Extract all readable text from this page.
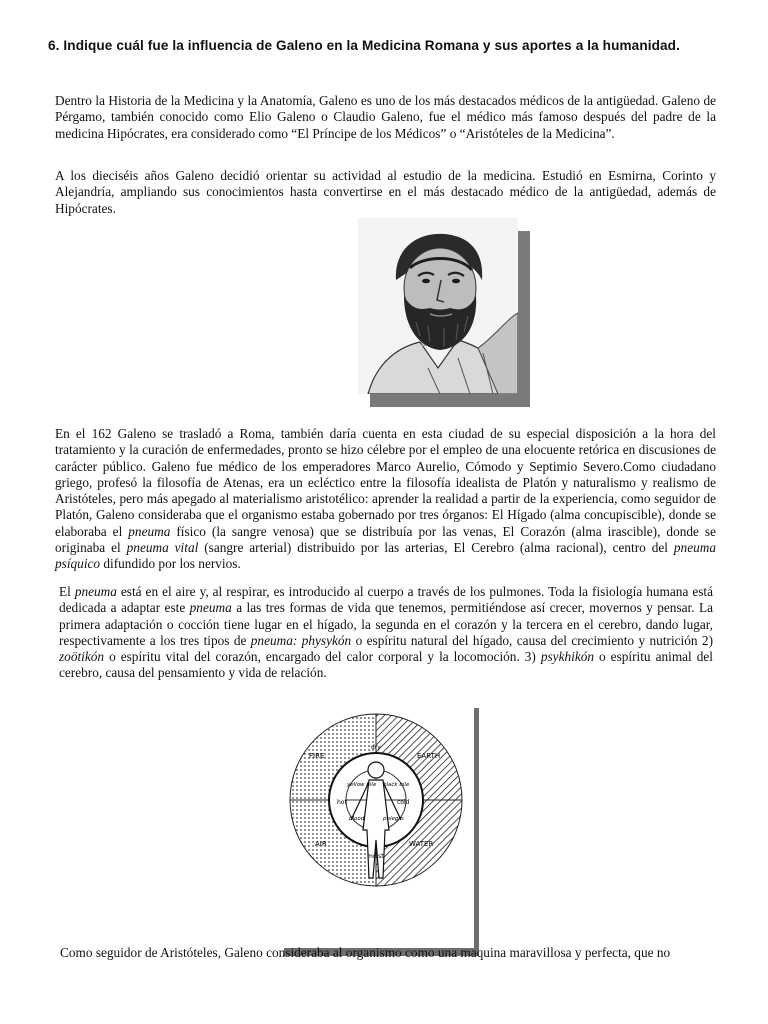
6. Indique cuál fue la influencia de Galeno en la Medicina Romana y sus aportes a la humanidad.

Dentro la Historia de la Medicina y la Anatomía, Galeno es uno de los más destacados médicos de la antigüedad. Galeno de Pérgamo, también conocido como Elio Galeno o Claudio Galeno, fue el médico más famoso después del padre de la medicina Hipócrates, era considerado como “El Príncipe de los Médicos” o “Aristóteles de la Medicina”.

A los dieciséis años Galeno decidió orientar su actividad al estudio de la medicina. Estudió en Esmirna, Corinto y Alejandría, ampliando sus conocimientos hasta convertirse en el más destacado médico de la antigüedad, además de Hipócrates.

En el 162 Galeno se trasladó a Roma, también daría cuenta en esta ciudad de su especial disposición a la hora del tratamiento y la curación de enfermedades, pronto se hizo célebre por el empleo de una elocuente retórica en discusiones de carácter público. Galeno fue médico de los emperadores Marco Aurelio, Cómodo y Septimio Severo.Como ciudadano griego, profesó la filosofía de Atenas, era un ecléctico entre la filosofía idealista de Platón y naturalismo y realismo de Aristóteles, pero más apegado al materialismo aristotélico: aprender la realidad a partir de la experiencia, como seguidor de Platón, Galeno consideraba que el organismo estaba gobernado por tres órganos: El Hígado (alma concupiscible), donde se elaboraba el pneuma físico (la sangre venosa) que se distribuía por las venas, El Corazón (alma irascible), donde se originaba el pneuma vital (sangre arterial) distribuido por las arterias, El Cerebro (alma racional), centro del pneuma psíquico difundido por los nervios.

El pneuma está en el aire y, al respirar, es introducido al cuerpo a través de los pulmones. Toda la fisiología humana está dedicada a adaptar este pneuma a las tres formas de vida que tenemos, permitiéndose así crecer, movernos y pensar. La primera adaptación o cocción tiene lugar en el hígado, la segunda en el corazón y la tercera en el cerebro, dando lugar, respectivamente a los tres tipos de pneuma: physykón o espíritu natural del hígado, causa del crecimiento y nutrición 2) zoötikón o espíritu vital del corazón, encargado del calor corporal y la locomoción. 3) psykhikón o espíritu animal del cerebro, causa del pensamiento y vida de relación.

FIRE	EARTH
AIR	WATER
dry
moist
hot	cold
yellow bile black bile
blood	phlegm

Como seguidor de Aristóteles, Galeno consideraba al organismo como una maquina maravillosa y perfecta, que no
